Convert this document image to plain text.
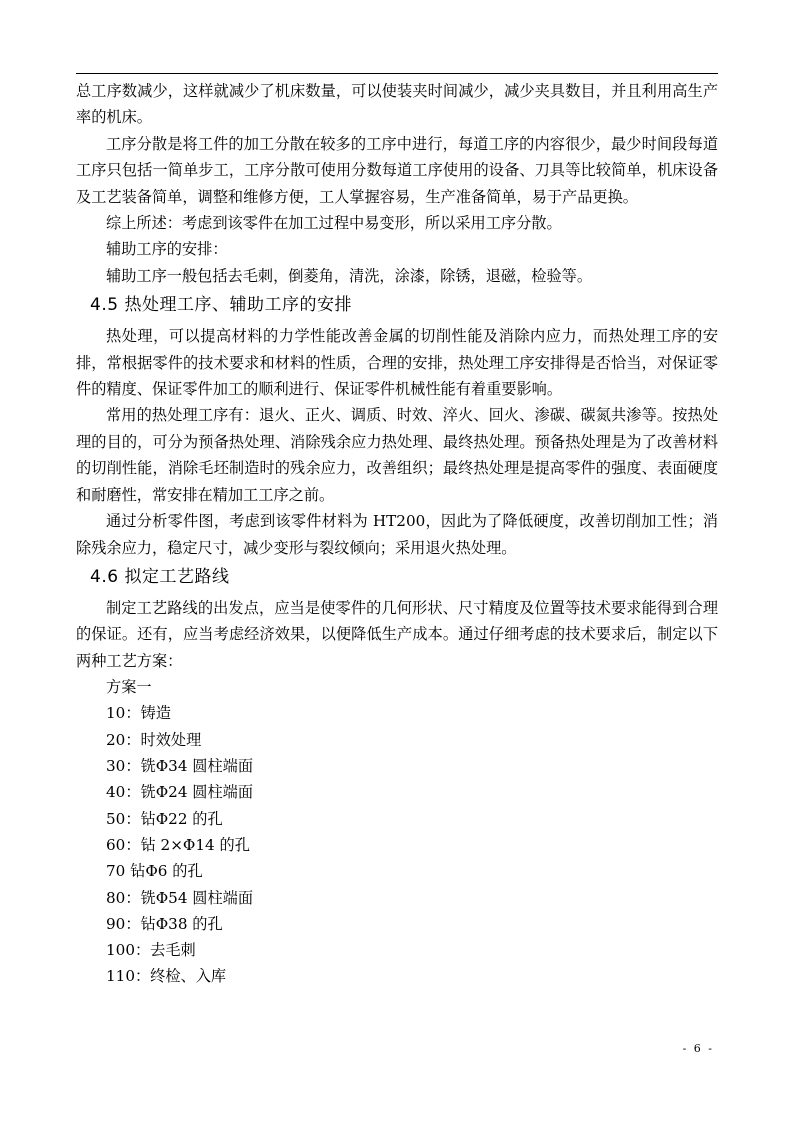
总工序数减少，这样就减少了机床数量，可以使装夹时间减少，减少夹具数目，并且利用高生产率的机床。

工序分散是将工件的加工分散在较多的工序中进行，每道工序的内容很少，最少时间段每道工序只包括一简单步工，工序分散可使用分数每道工序使用的设备、刀具等比较简单，机床设备及工艺装备简单，调整和维修方便，工人掌握容易，生产准备简单，易于产品更换。

综上所述：考虑到该零件在加工过程中易变形，所以采用工序分散。

辅助工序的安排：

辅助工序一般包括去毛刺，倒菱角，清洗，涂漆，除锈，退磁，检验等。

4.5 热处理工序、辅助工序的安排

热处理，可以提高材料的力学性能改善金属的切削性能及消除内应力，而热处理工序的安排，常根据零件的技术要求和材料的性质，合理的安排，热处理工序安排得是否恰当，对保证零件的精度、保证零件加工的顺利进行、保证零件机械性能有着重要影响。

常用的热处理工序有：退火、正火、调质、时效、淬火、回火、渗碳、碳氮共渗等。按热处理的目的，可分为预备热处理、消除残余应力热处理、最终热处理。预备热处理是为了改善材料的切削性能，消除毛坯制造时的残余应力，改善组织；最终热处理是提高零件的强度、表面硬度和耐磨性，常安排在精加工工序之前。

通过分析零件图，考虑到该零件材料为 HT200，因此为了降低硬度，改善切削加工性；消除残余应力，稳定尺寸，减少变形与裂纹倾向；采用退火热处理。

4.6 拟定工艺路线

制定工艺路线的出发点，应当是使零件的几何形状、尺寸精度及位置等技术要求能得到合理的保证。还有，应当考虑经济效果，以便降低生产成本。通过仔细考虑的技术要求后，制定以下两种工艺方案：

方案一
10：铸造
20：时效处理
30：铣Φ34 圆柱端面
40：铣Φ24 圆柱端面
50：钻Φ22 的孔
60：钻 2×Φ14 的孔
70 钻Φ6 的孔
80：铣Φ54 圆柱端面
90：钻Φ38 的孔
100：去毛刺
110：终检、入库
- 6 -
